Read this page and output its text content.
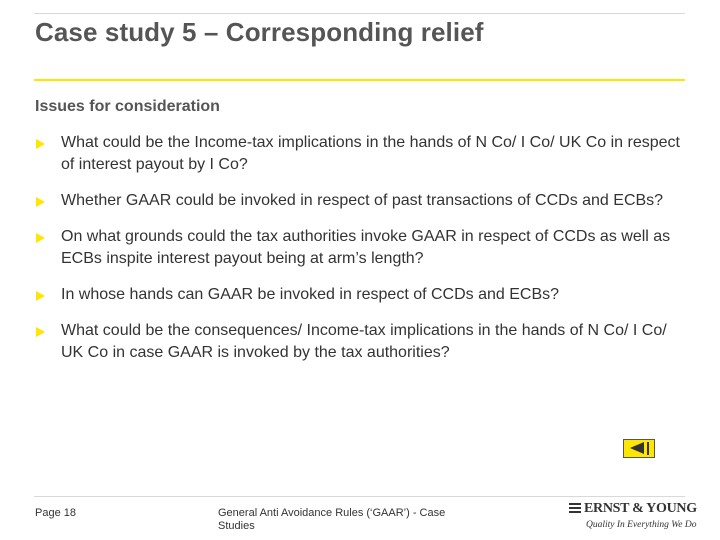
Case study 5 – Corresponding relief
Issues for consideration
What could be the Income-tax implications in the hands of N Co/ I Co/ UK Co in respect of interest payout by I Co?
Whether GAAR could be invoked in respect of past transactions of CCDs and ECBs?
On what grounds could the tax authorities invoke GAAR in respect of CCDs as well as ECBs inspite interest payout being at arm’s length?
In whose hands can GAAR be invoked in respect of CCDs and ECBs?
What could be the consequences/ Income-tax implications in the hands of N Co/ I Co/ UK Co in case GAAR is invoked by the tax authorities?
Page 18	General Anti Avoidance Rules (‘GAAR’) - Case Studies
ERNST & YOUNG
Quality In Everything We Do
